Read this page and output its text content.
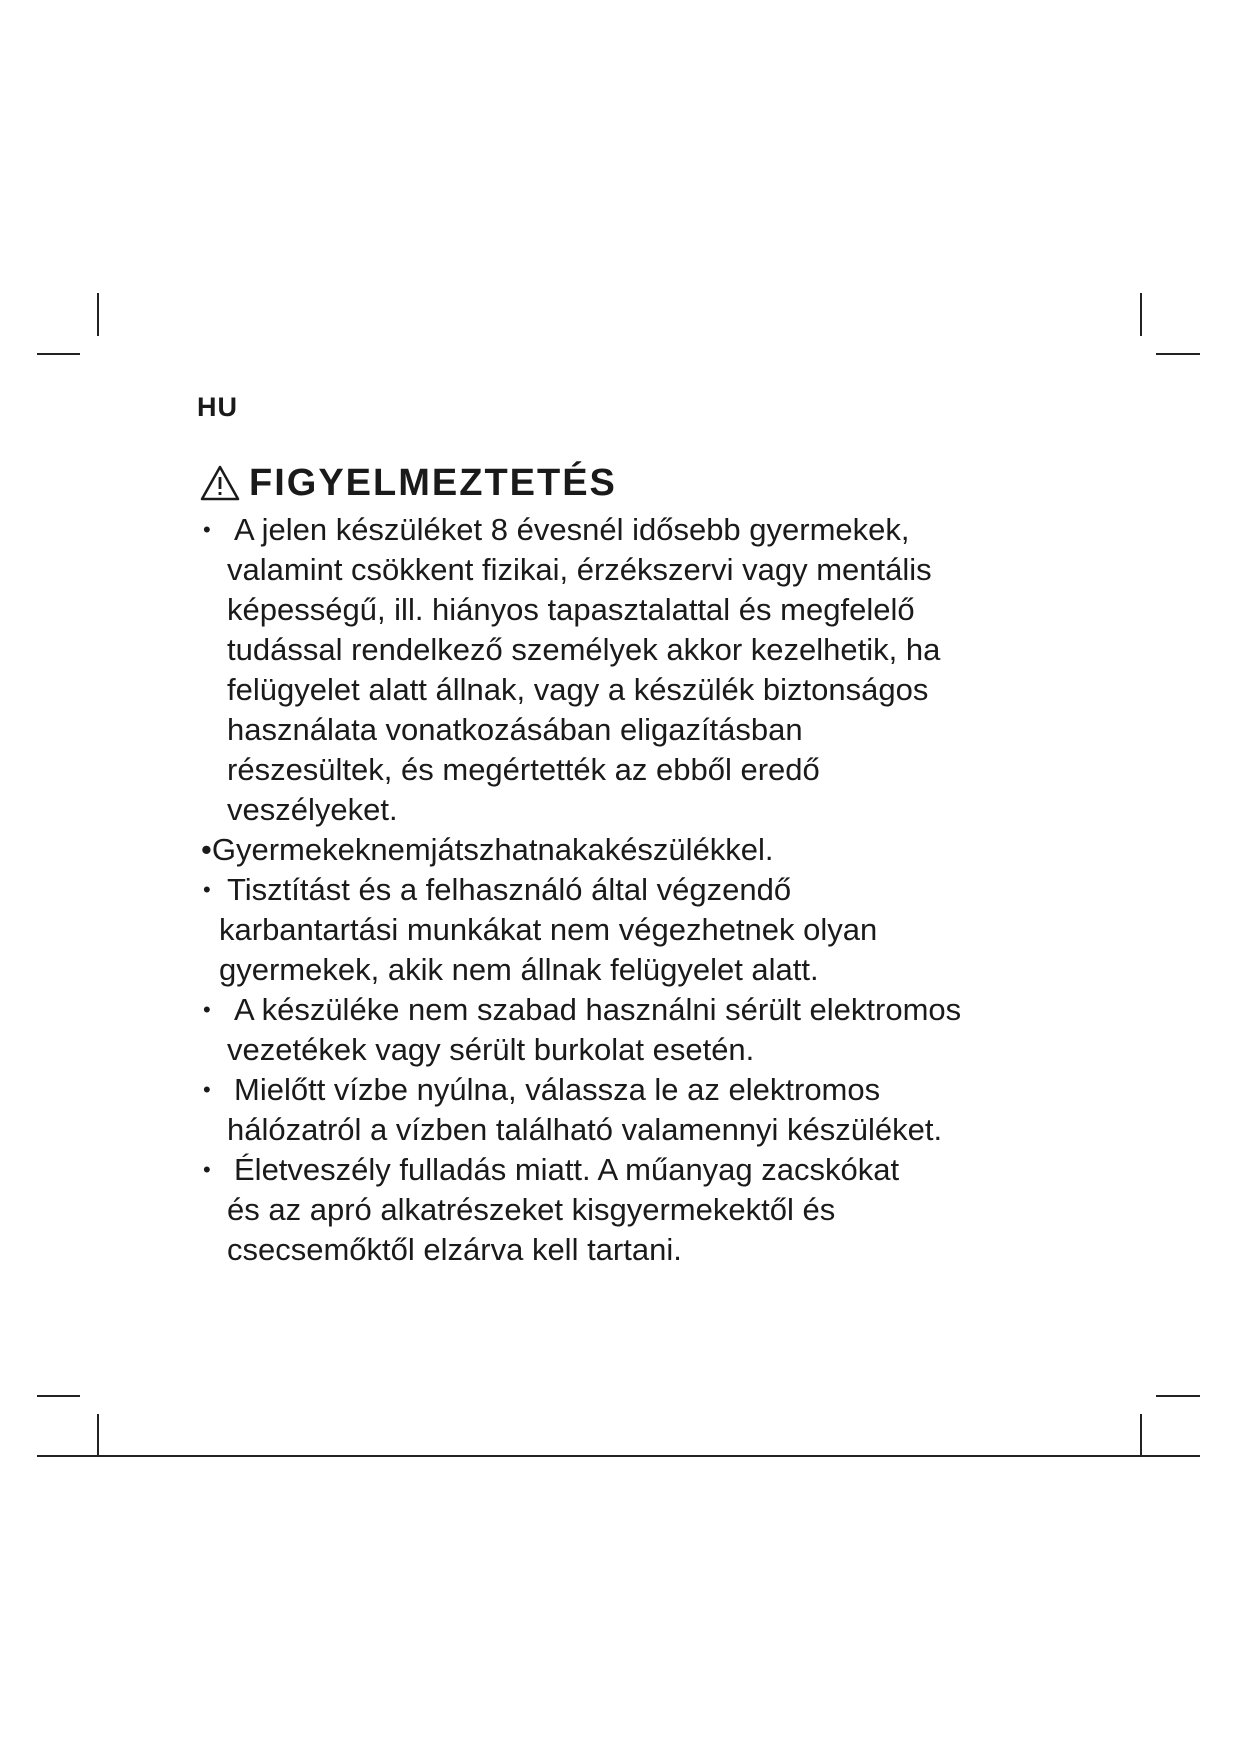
HU
FIGYELMEZTETÉS
• A jelen készüléket 8 évesnél idősebb gyermekek,
valamint csökkent fizikai, érzékszervi vagy mentális
képességű, ill. hiányos tapasztalattal és megfelelő
tudással rendelkező személyek akkor kezelhetik, ha
felügyelet alatt állnak, vagy a készülék biztonságos
használata vonatkozásában eligazításban
részesültek, és megértették az ebből eredő
veszélyeket.
•Gyermekeknemjátszhatnakakészülékkel.
• Tisztítást és a felhasználó által végzendő
karbantartási munkákat nem végezhetnek olyan
gyermekek, akik nem állnak felügyelet alatt.
• A készüléke nem szabad használni sérült elektromos
vezetékek vagy sérült burkolat esetén.
• Mielőtt vízbe nyúlna, válassza le az elektromos
hálózatról a vízben található valamennyi készüléket.
• Életveszély fulladás miatt. A műanyag zacskókat
és az apró alkatrészeket kisgyermekektől és
csecsemőktől elzárva kell tartani.
